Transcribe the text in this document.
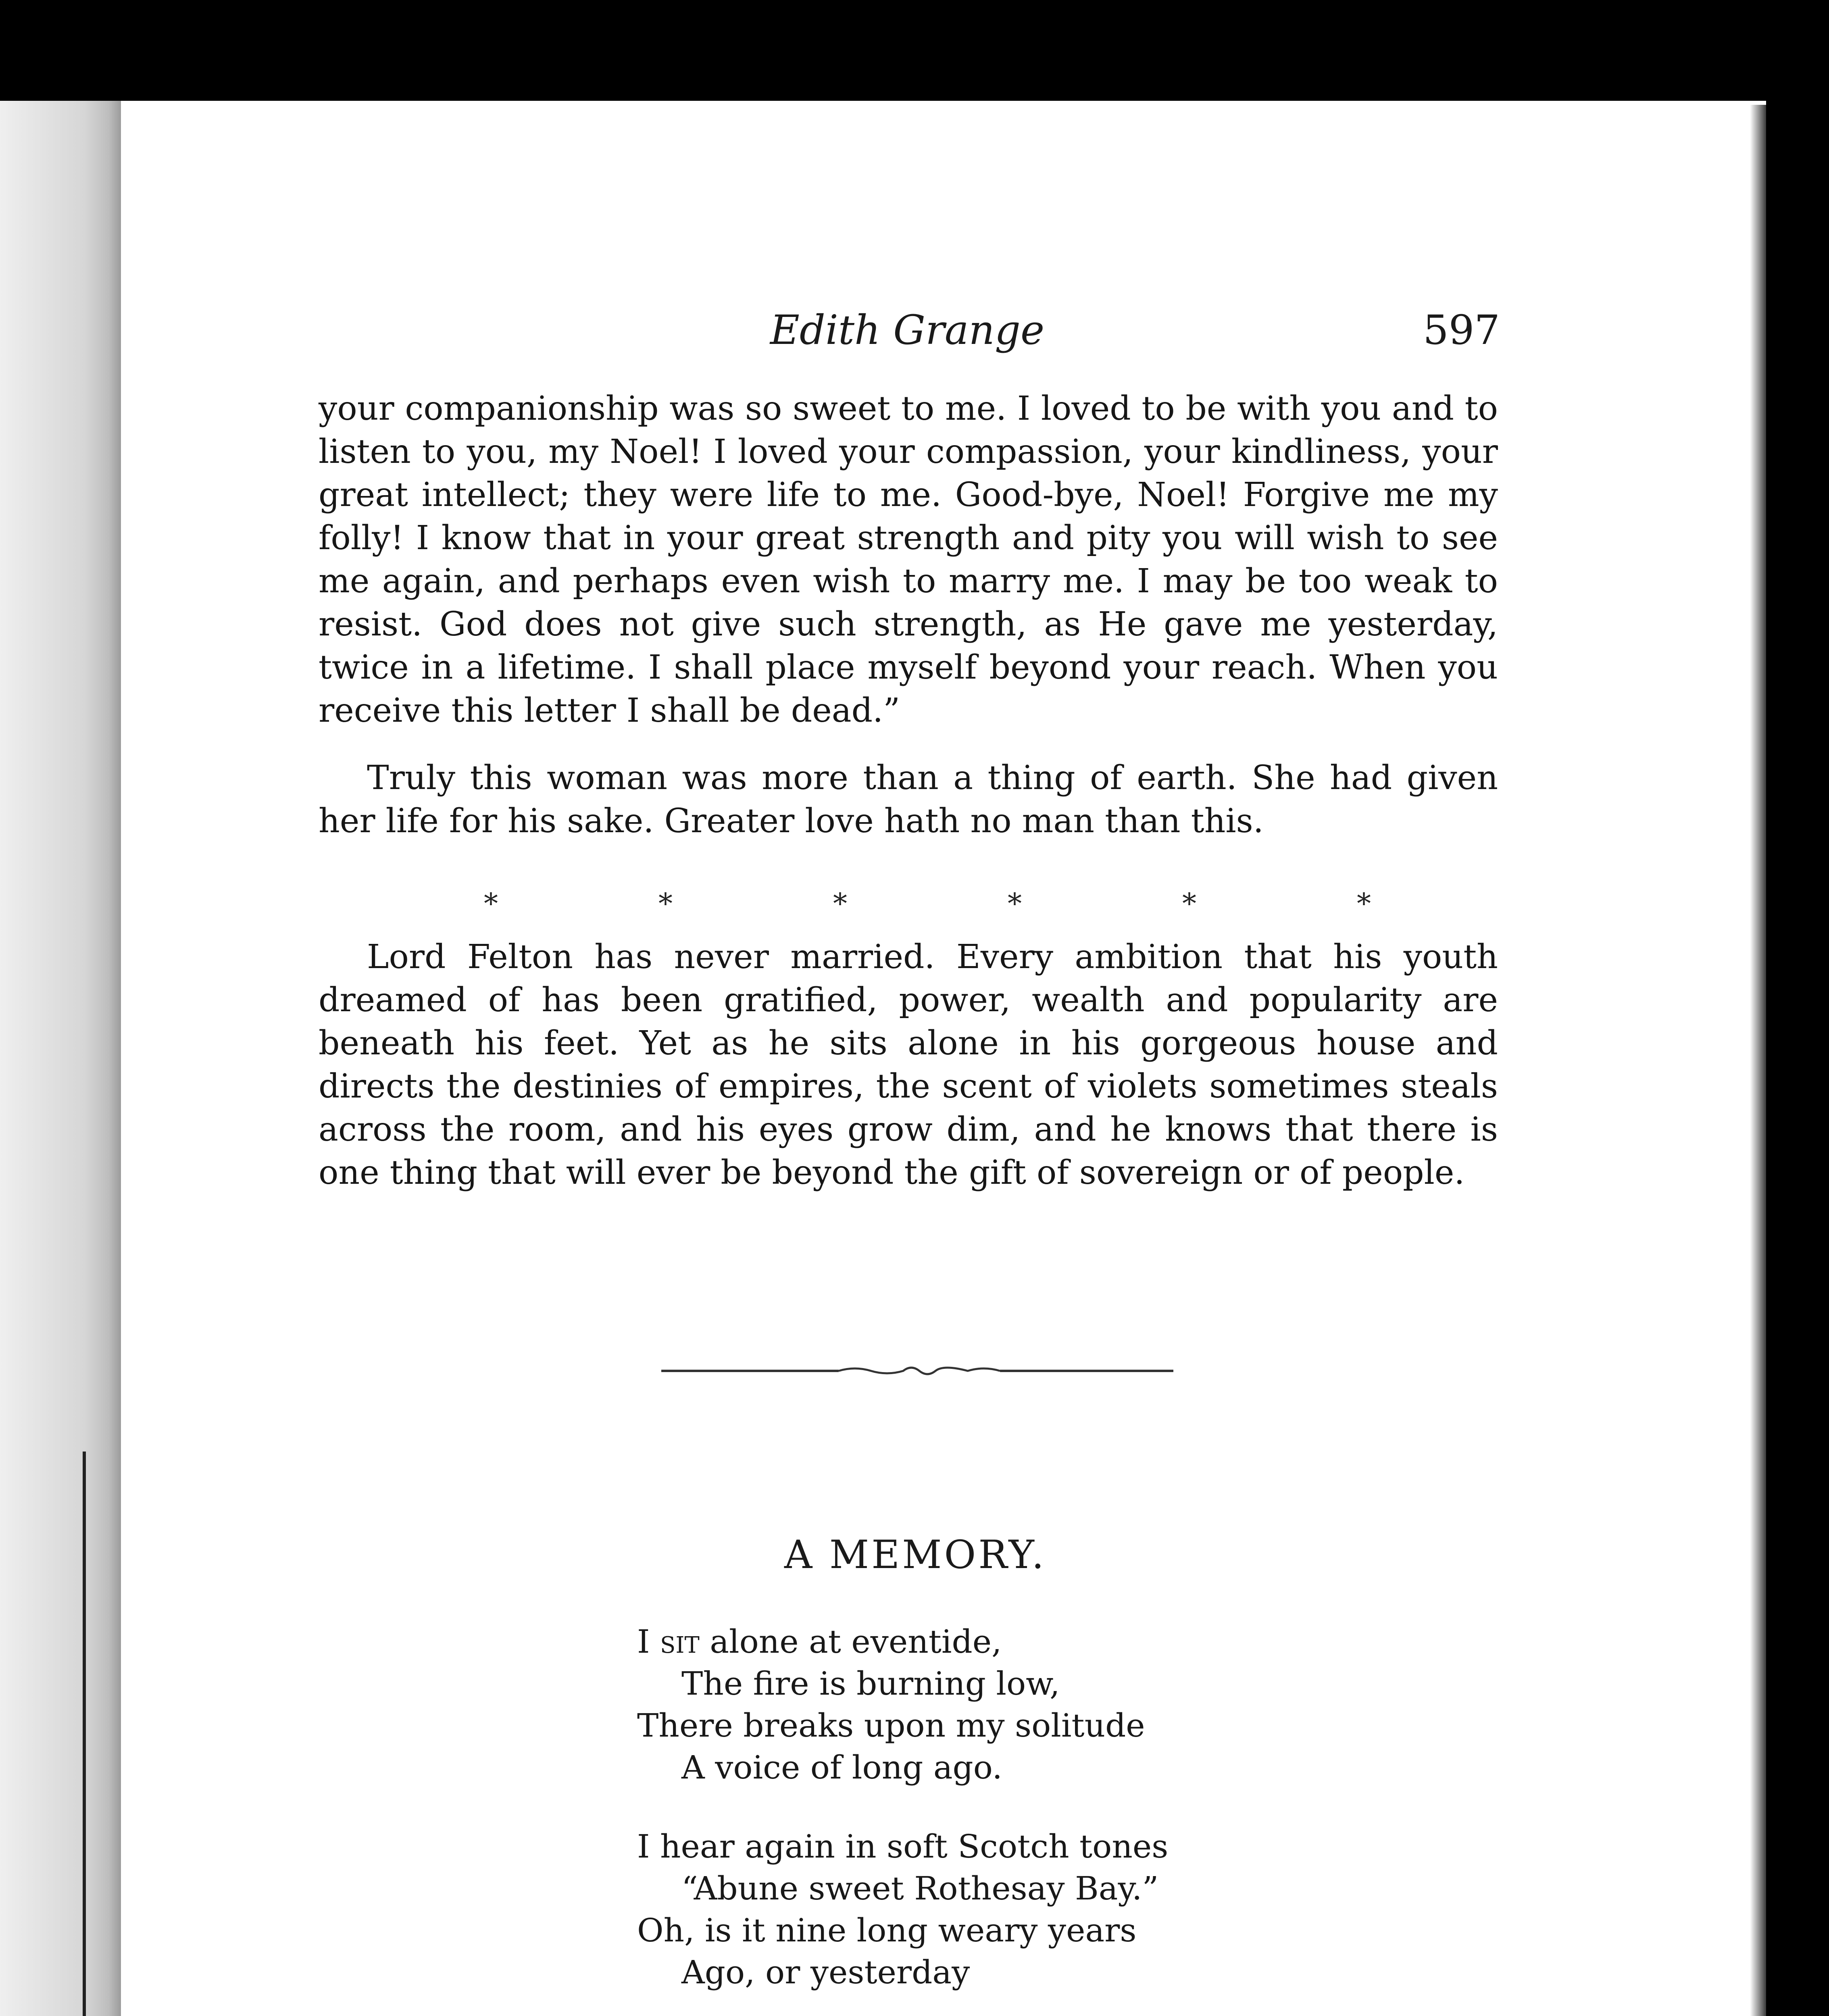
Edith Grange	597

your companionship was so sweet to me. I loved to be with you and to listen to you, my Noel! I loved your compassion, your kindliness, your great intellect; they were life to me. Good-bye, Noel! Forgive me my folly! I know that in your great strength and pity you will wish to see me again, and perhaps even wish to marry me. I may be too weak to resist. God does not give such strength, as He gave me yesterday, twice in a lifetime. I shall place myself beyond your reach. When you receive this letter I shall be dead.”

Truly this woman was more than a thing of earth. She had given her life for his sake. Greater love hath no man than this.

*	*	*	*	*	*

Lord Felton has never married. Every ambition that his youth dreamed of has been gratified, power, wealth and popularity are beneath his feet. Yet as he sits alone in his gorgeous house and directs the destinies of empires, the scent of violets sometimes steals across the room, and his eyes grow dim, and he knows that there is one thing that will ever be beyond the gift of sovereign or of people.

A MEMORY.
I sit alone at eventide,
The fire is burning low,
There breaks upon my solitude
A voice of long ago.
I hear again in soft Scotch tones
“Abune sweet Rothesay Bay.”
Oh, is it nine long weary years
Ago, or yesterday
